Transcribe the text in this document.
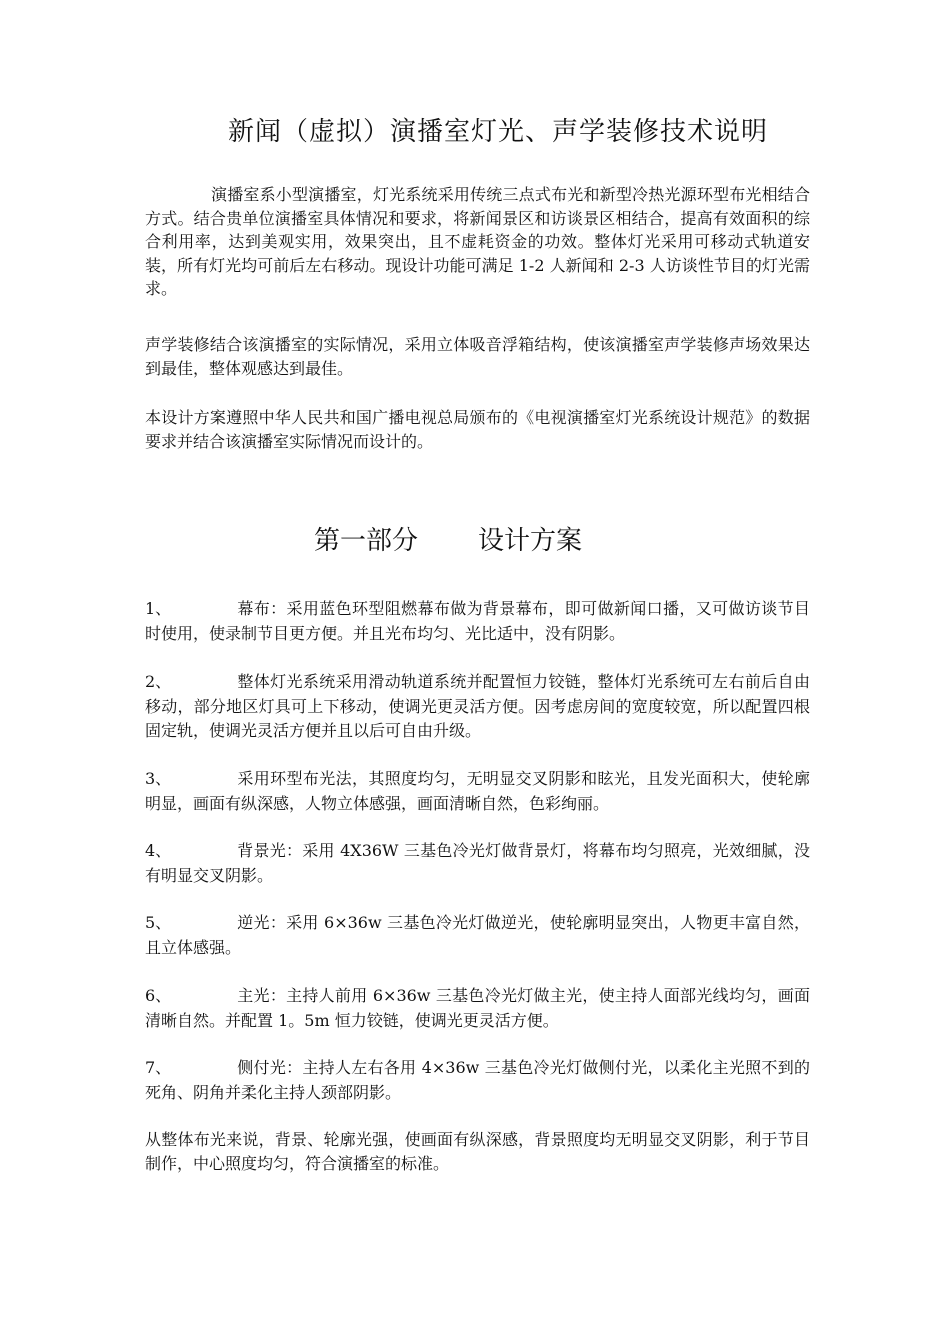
新闻（虚拟）演播室灯光、声学装修技术说明

演播室系小型演播室，灯光系统采用传统三点式布光和新型冷热光源环型布光相结合方式。结合贵单位演播室具体情况和要求，将新闻景区和访谈景区相结合，提高有效面积的综合利用率，达到美观实用，效果突出，且不虚耗资金的功效。整体灯光采用可移动式轨道安装，所有灯光均可前后左右移动。现设计功能可满足 1-2 人新闻和 2-3 人访谈性节目的灯光需求。

声学装修结合该演播室的实际情况，采用立体吸音浮箱结构，使该演播室声学装修声场效果达到最佳，整体观感达到最佳。

本设计方案遵照中华人民共和国广播电视总局颁布的《电视演播室灯光系统设计规范》的数据要求并结合该演播室实际情况而设计的。

第一部分 设计方案

1、	幕布：采用蓝色环型阻燃幕布做为背景幕布，即可做新闻口播，又可做访谈节目时使用，使录制节目更方便。并且光布均匀、光比适中，没有阴影。

2、	整体灯光系统采用滑动轨道系统并配置恒力铰链，整体灯光系统可左右前后自由移动，部分地区灯具可上下移动，使调光更灵活方便。因考虑房间的宽度较宽，所以配置四根固定轨，使调光灵活方便并且以后可自由升级。

3、	采用环型布光法，其照度均匀，无明显交叉阴影和眩光，且发光面积大，使轮廓明显，画面有纵深感，人物立体感强，画面清晰自然，色彩绚丽。

4、	背景光：采用 4X36W 三基色冷光灯做背景灯，将幕布均匀照亮，光效细腻，没有明显交叉阴影。

5、	逆光：采用 6×36w 三基色冷光灯做逆光，使轮廓明显突出，人物更丰富自然，且立体感强。

6、	主光：主持人前用 6×36w 三基色冷光灯做主光，使主持人面部光线均匀，画面清晰自然。并配置 1。5m 恒力铰链，使调光更灵活方便。

7、	侧付光：主持人左右各用 4×36w 三基色冷光灯做侧付光，以柔化主光照不到的死角、阴角并柔化主持人颈部阴影。

从整体布光来说，背景、轮廓光强，使画面有纵深感，背景照度均无明显交叉阴影，利于节目制作，中心照度均匀，符合演播室的标准。
